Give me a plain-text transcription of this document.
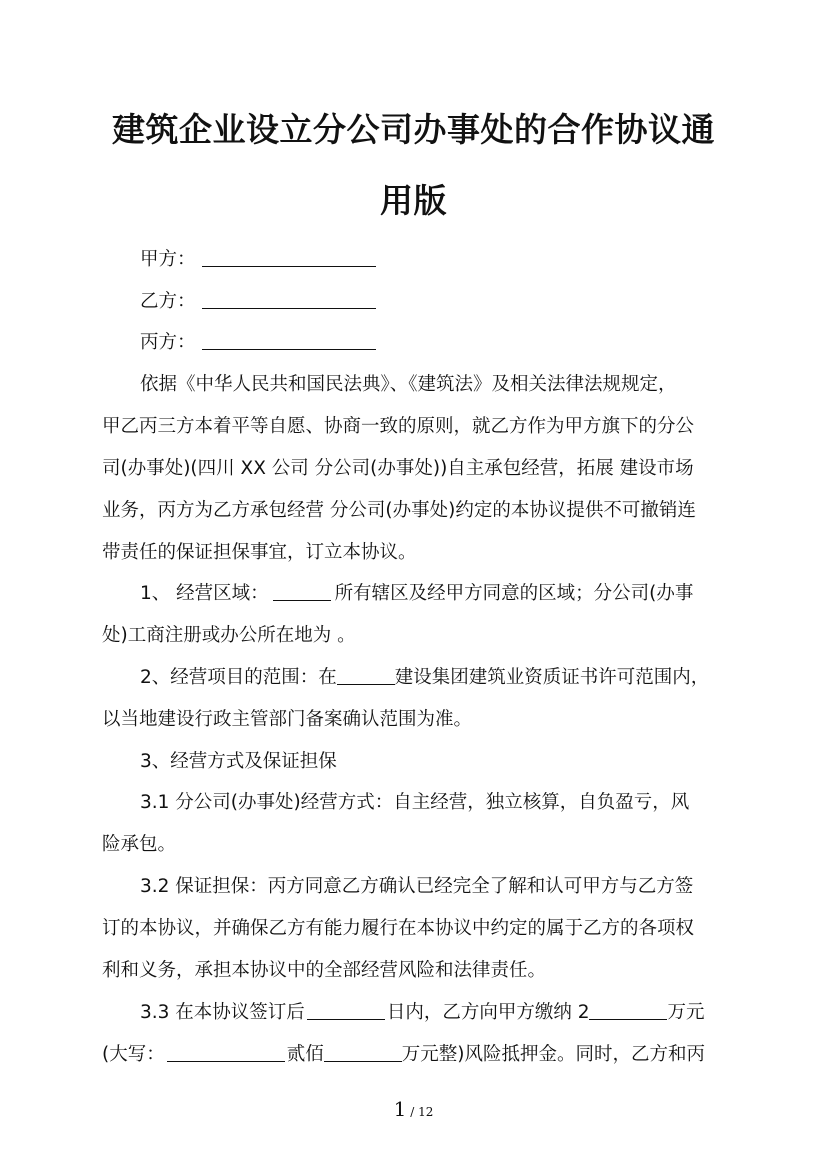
建筑企业设立分公司办事处的合作协议通
用版
甲方：
乙方：
丙方：
依据《中华人民共和国民法典》、《建筑法》及相关法律法规规定，
甲乙丙三方本着平等自愿、协商一致的原则，就乙方作为甲方旗下的分公
司(办事处)(四川 XX 公司 分公司(办事处))自主承包经营，拓展 建设市场
业务，丙方为乙方承包经营 分公司(办事处)约定的本协议提供不可撤销连
带责任的保证担保事宜，订立本协议。
1、 经营区域：	所有辖区及经甲方同意的区域；分公司(办事
处)工商注册或办公所在地为 。
2、经营项目的范围：在	建设集团建筑业资质证书许可范围内，
以当地建设行政主管部门备案确认范围为准。
3、经营方式及保证担保
3.1 分公司(办事处)经营方式：自主经营，独立核算，自负盈亏，风
险承包。
3.2 保证担保：丙方同意乙方确认已经完全了解和认可甲方与乙方签
订的本协议，并确保乙方有能力履行在本协议中约定的属于乙方的各项权
利和义务，承担本协议中的全部经营风险和法律责任。
3.3 在本协议签订后	日内，乙方向甲方缴纳 2	万元
(大写：	贰佰	万元整)风险抵押金。同时，乙方和丙
1 / 12
